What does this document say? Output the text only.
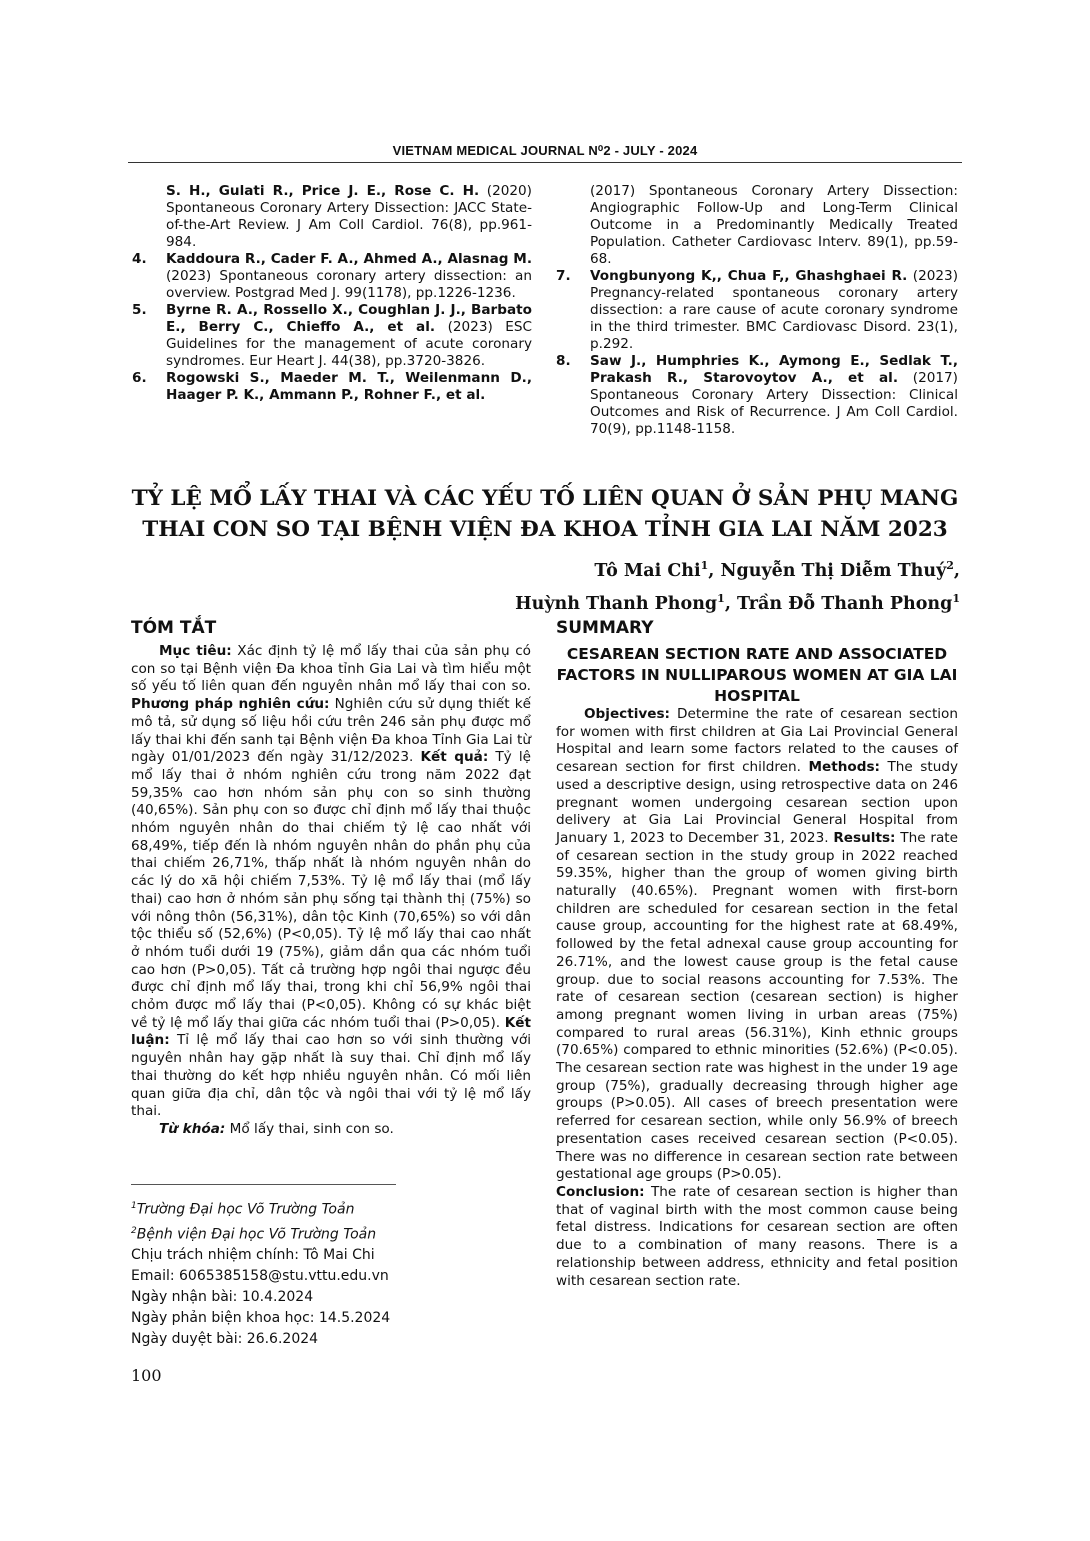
VIETNAM MEDICAL JOURNAL N⁰2 - JULY - 2024
S. H., Gulati R., Price J. E., Rose C. H. (2020) Spontaneous Coronary Artery Dissection: JACC State-of-the-Art Review. J Am Coll Cardiol. 76(8), pp.961-984.
4.	Kaddoura R., Cader F. A., Ahmed A., Alasnag M. (2023) Spontaneous coronary artery dissection: an overview. Postgrad Med J. 99(1178), pp.1226-1236.
5.	Byrne R. A., Rossello X., Coughlan J. J., Barbato E., Berry C., Chieffo A., et al. (2023) ESC Guidelines for the management of acute coronary syndromes. Eur Heart J. 44(38), pp.3720-3826.
6.	Rogowski S., Maeder M. T., Weilenmann D., Haager P. K., Ammann P., Rohner F., et al.
(2017) Spontaneous Coronary Artery Dissection: Angiographic Follow-Up and Long-Term Clinical Outcome in a Predominantly Medically Treated Population. Catheter Cardiovasc Interv. 89(1), pp.59-68.
7.	Vongbunyong K,, Chua F,, Ghashghaei R. (2023) Pregnancy-related spontaneous coronary artery dissection: a rare cause of acute coronary syndrome in the third trimester. BMC Cardiovasc Disord. 23(1), p.292.
8.	Saw J., Humphries K., Aymong E., Sedlak T., Prakash R., Starovoytov A., et al. (2017) Spontaneous Coronary Artery Dissection: Clinical Outcomes and Risk of Recurrence. J Am Coll Cardiol. 70(9), pp.1148-1158.
TỶ LỆ MỔ LẤY THAI VÀ CÁC YẾU TỐ LIÊN QUAN Ở SẢN PHỤ MANG
THAI CON SO TẠI BỆNH VIỆN ĐA KHOA TỈNH GIA LAI NĂM 2023
Tô Mai Chi$^1$, Nguyễn Thị Diễm Thuý$^2$,
Huỳnh Thanh Phong$^1$, Trần Đỗ Thanh Phong$^1$
TÓM TẮT	SUMMARY

Mục tiêu: Xác định tỷ lệ mổ lấy thai của sản phụ có con so tại Bệnh viện Đa khoa tỉnh Gia Lai và tìm hiểu một số yếu tố liên quan đến nguyên nhân mổ lấy thai con so. Phương pháp nghiên cứu: Nghiên cứu sử dụng thiết kế mô tả, sử dụng số liệu hồi cứu trên 246 sản phụ được mổ lấy thai khi đến sanh tại Bệnh viện Đa khoa Tỉnh Gia Lai từ ngày 01/01/2023 đến ngày 31/12/2023. Kết quả: Tỷ lệ mổ lấy thai ở nhóm nghiên cứu trong năm 2022 đạt 59,35% cao hơn nhóm sản phụ con so sinh thường (40,65%). Sản phụ con so được chỉ định mổ lấy thai thuộc nhóm nguyên nhân do thai chiếm tỷ lệ cao nhất với 68,49%, tiếp đến là nhóm nguyên nhân do phần phụ của thai chiếm 26,71%, thấp nhất là nhóm nguyên nhân do các lý do xã hội chiếm 7,53%. Tỷ lệ mổ lấy thai (mổ lấy thai) cao hơn ở nhóm sản phụ sống tại thành thị (75%) so với nông thôn (56,31%), dân tộc Kinh (70,65%) so với dân tộc thiểu số (52,6%) (P<0,05). Tỷ lệ mổ lấy thai cao nhất ở nhóm tuổi dưới 19 (75%), giảm dần qua các nhóm tuổi cao hơn (P>0,05). Tất cả trường hợp ngôi thai ngược đều được chỉ định mổ lấy thai, trong khi chỉ 56,9% ngôi thai chỏm được mổ lấy thai (P<0,05). Không có sự khác biệt về tỷ lệ mổ lấy thai giữa các nhóm tuổi thai (P>0,05). Kết luận: Tỉ lệ mổ lấy thai cao hơn so với sinh thường với nguyên nhân hay gặp nhất là suy thai. Chỉ định mổ lấy thai thường do kết hợp nhiều nguyên nhân. Có mối liên quan giữa địa chỉ, dân tộc và ngôi thai với tỷ lệ mổ lấy thai.

Từ khóa: Mổ lấy thai, sinh con so.

CESAREAN SECTION RATE AND ASSOCIATED FACTORS IN NULLIPAROUS WOMEN AT GIA LAI HOSPITAL

Objectives: Determine the rate of cesarean section for women with first children at Gia Lai Provincial General Hospital and learn some factors related to the causes of cesarean section for first children. Methods: The study used a descriptive design, using retrospective data on 246 pregnant women undergoing cesarean section upon delivery at Gia Lai Provincial General Hospital from January 1, 2023 to December 31, 2023. Results: The rate of cesarean section in the study group in 2022 reached 59.35%, higher than the group of women giving birth naturally (40.65%). Pregnant women with first-born children are scheduled for cesarean section in the fetal cause group, accounting for the highest rate at 68.49%, followed by the fetal adnexal cause group accounting for 26.71%, and the lowest cause group is the fetal cause group. due to social reasons accounting for 7.53%. The rate of cesarean section (cesarean section) is higher among pregnant women living in urban areas (75%) compared to rural areas (56.31%), Kinh ethnic groups (70.65%) compared to ethnic minorities (52.6%) (P<0.05). The cesarean section rate was highest in the under 19 age group (75%), gradually decreasing through higher age groups (P>0.05). All cases of breech presentation were referred for cesarean section, while only 56.9% of breech presentation cases received cesarean section (P<0.05). There was no difference in cesarean section rate between gestational age groups (P>0.05).

Conclusion: The rate of cesarean section is higher than that of vaginal birth with the most common cause being fetal distress. Indications for cesarean section are often due to a combination of many reasons. There is a relationship between address, ethnicity and fetal position with cesarean section rate.

$^1$Trường Đại học Võ Trường Toản
$^2$Bệnh viện Đại học Võ Trường Toản
Chịu trách nhiệm chính: Tô Mai Chi
Email: 6065385158@stu.vttu.edu.vn
Ngày nhận bài: 10.4.2024
Ngày phản biện khoa học: 14.5.2024
Ngày duyệt bài: 26.6.2024
100
